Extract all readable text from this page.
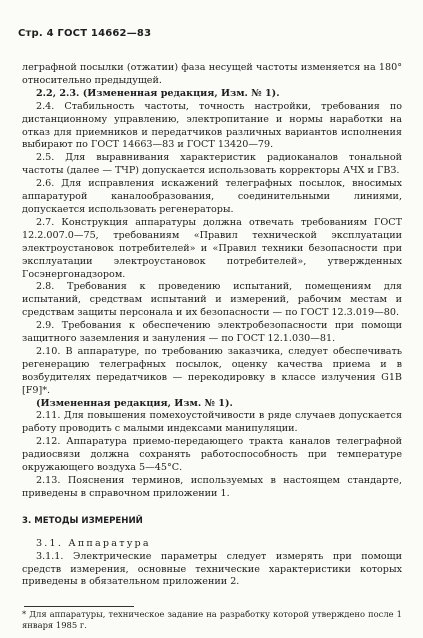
Стр. 4 ГОСТ 14662—83

леграфной посылки (отжатии) фаза несущей частоты изменяется на 180° относительно предыдущей.

2.2, 2.3. (Измененная редакция, Изм. № 1).

2.4. Стабильность частоты, точность настройки, требования по дистанционному управлению, электропитание и нормы наработки на отказ для приемников и передатчиков различных вариантов исполнения выбирают по ГОСТ 14663—83 и ГОСТ 13420—79.

2.5. Для выравнивания характеристик радиоканалов тональной частоты (далее — ТЧР) допускается использовать корректоры АЧХ и ГВЗ.

2.6. Для исправления искажений телеграфных посылок, вносимых аппаратурой каналообразования, соединительными линиями, допускается использовать регенераторы.

2.7. Конструкция аппаратуры должна отвечать требованиям ГОСТ 12.2.007.0—75, требованиям «Правил технической эксплуатации электроустановок потребителей» и «Правил техники безопасности при эксплуатации электроустановок потребителей», утвержденных Госэнергонадзором.

2.8. Требования к проведению испытаний, помещениям для испытаний, средствам испытаний и измерений, рабочим местам и средствам защиты персонала и их безопасности — по ГОСТ 12.3.019—80.

2.9. Требования к обеспечению электробезопасности при помощи защитного заземления и зануления — по ГОСТ 12.1.030—81.

2.10. В аппаратуре, по требованию заказчика, следует обеспечивать регенерацию телеграфных посылок, оценку качества приема и в возбудителях передатчиков — перекодировку в классе излучения G1B [F9]*.

(Измененная редакция, Изм. № 1).

2.11. Для повышения помехоустойчивости в ряде случаев допускается работу проводить с малыми индексами манипуляции.

2.12. Аппаратура приемо-передающего тракта каналов телеграфной радиосвязи должна сохранять работоспособность при температуре окружающего воздуха 5—45°С.

2.13. Пояснения терминов, используемых в настоящем стандарте, приведены в справочном приложении 1.

3. МЕТОДЫ ИЗМЕРЕНИЙ

3.1. Аппаратура

3.1.1. Электрические параметры следует измерять при помощи средств измерения, основные технические характеристики которых приведены в обязательном приложении 2.

* Для аппаратуры, техническое задание на разработку которой утверждено после 1 января 1985 г.
